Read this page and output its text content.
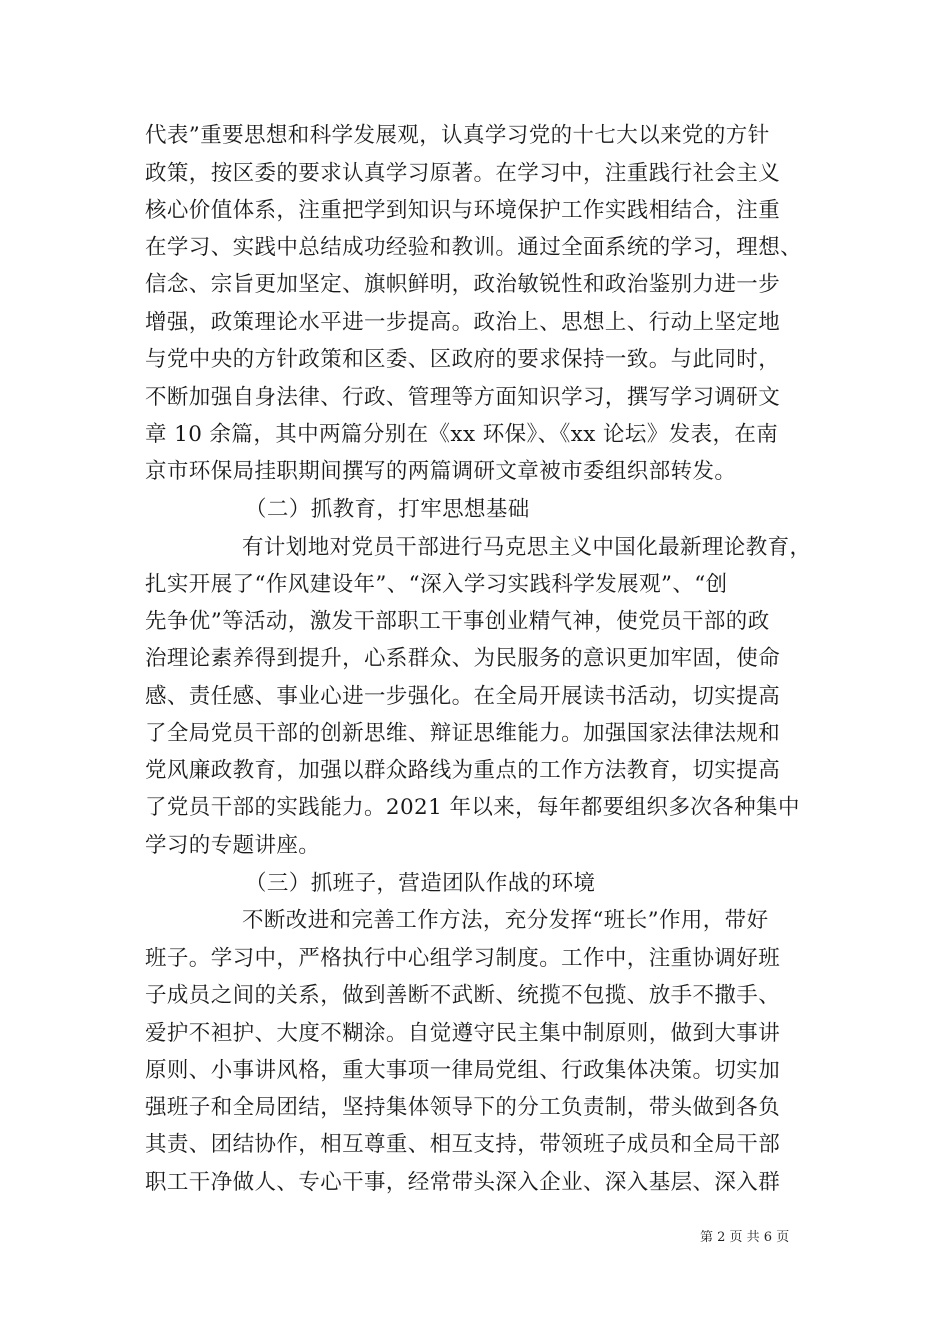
代表”重要思想和科学发展观，认真学习党的十七大以来党的方针
政策，按区委的要求认真学习原著。在学习中，注重践行社会主义
核心价值体系，注重把学到知识与环境保护工作实践相结合，注重
在学习、实践中总结成功经验和教训。通过全面系统的学习，理想、
信念、宗旨更加坚定、旗帜鲜明，政治敏锐性和政治鉴别力进一步
增强，政策理论水平进一步提高。政治上、思想上、行动上坚定地
与党中央的方针政策和区委、区政府的要求保持一致。与此同时，
不断加强自身法律、行政、管理等方面知识学习，撰写学习调研文
章 10 余篇，其中两篇分别在《xx 环保》、《xx 论坛》发表，在南
京市环保局挂职期间撰写的两篇调研文章被市委组织部转发。
（二）抓教育，打牢思想基础
有计划地对党员干部进行马克思主义中国化最新理论教育，
扎实开展了“作风建设年”、“深入学习实践科学发展观”、“创
先争优”等活动，激发干部职工干事创业精气神，使党员干部的政
治理论素养得到提升，心系群众、为民服务的意识更加牢固，使命
感、责任感、事业心进一步强化。在全局开展读书活动，切实提高
了全局党员干部的创新思维、辩证思维能力。加强国家法律法规和
党风廉政教育，加强以群众路线为重点的工作方法教育，切实提高
了党员干部的实践能力。2021 年以来，每年都要组织多次各种集中
学习的专题讲座。
（三）抓班子，营造团队作战的环境
不断改进和完善工作方法，充分发挥“班长”作用，带好
班子。学习中，严格执行中心组学习制度。工作中，注重协调好班
子成员之间的关系，做到善断不武断、统揽不包揽、放手不撒手、
爱护不袒护、大度不糊涂。自觉遵守民主集中制原则，做到大事讲
原则、小事讲风格，重大事项一律局党组、行政集体决策。切实加
强班子和全局团结，坚持集体领导下的分工负责制，带头做到各负
其责、团结协作，相互尊重、相互支持，带领班子成员和全局干部
职工干净做人、专心干事，经常带头深入企业、深入基层、深入群
第 2 页 共 6 页
